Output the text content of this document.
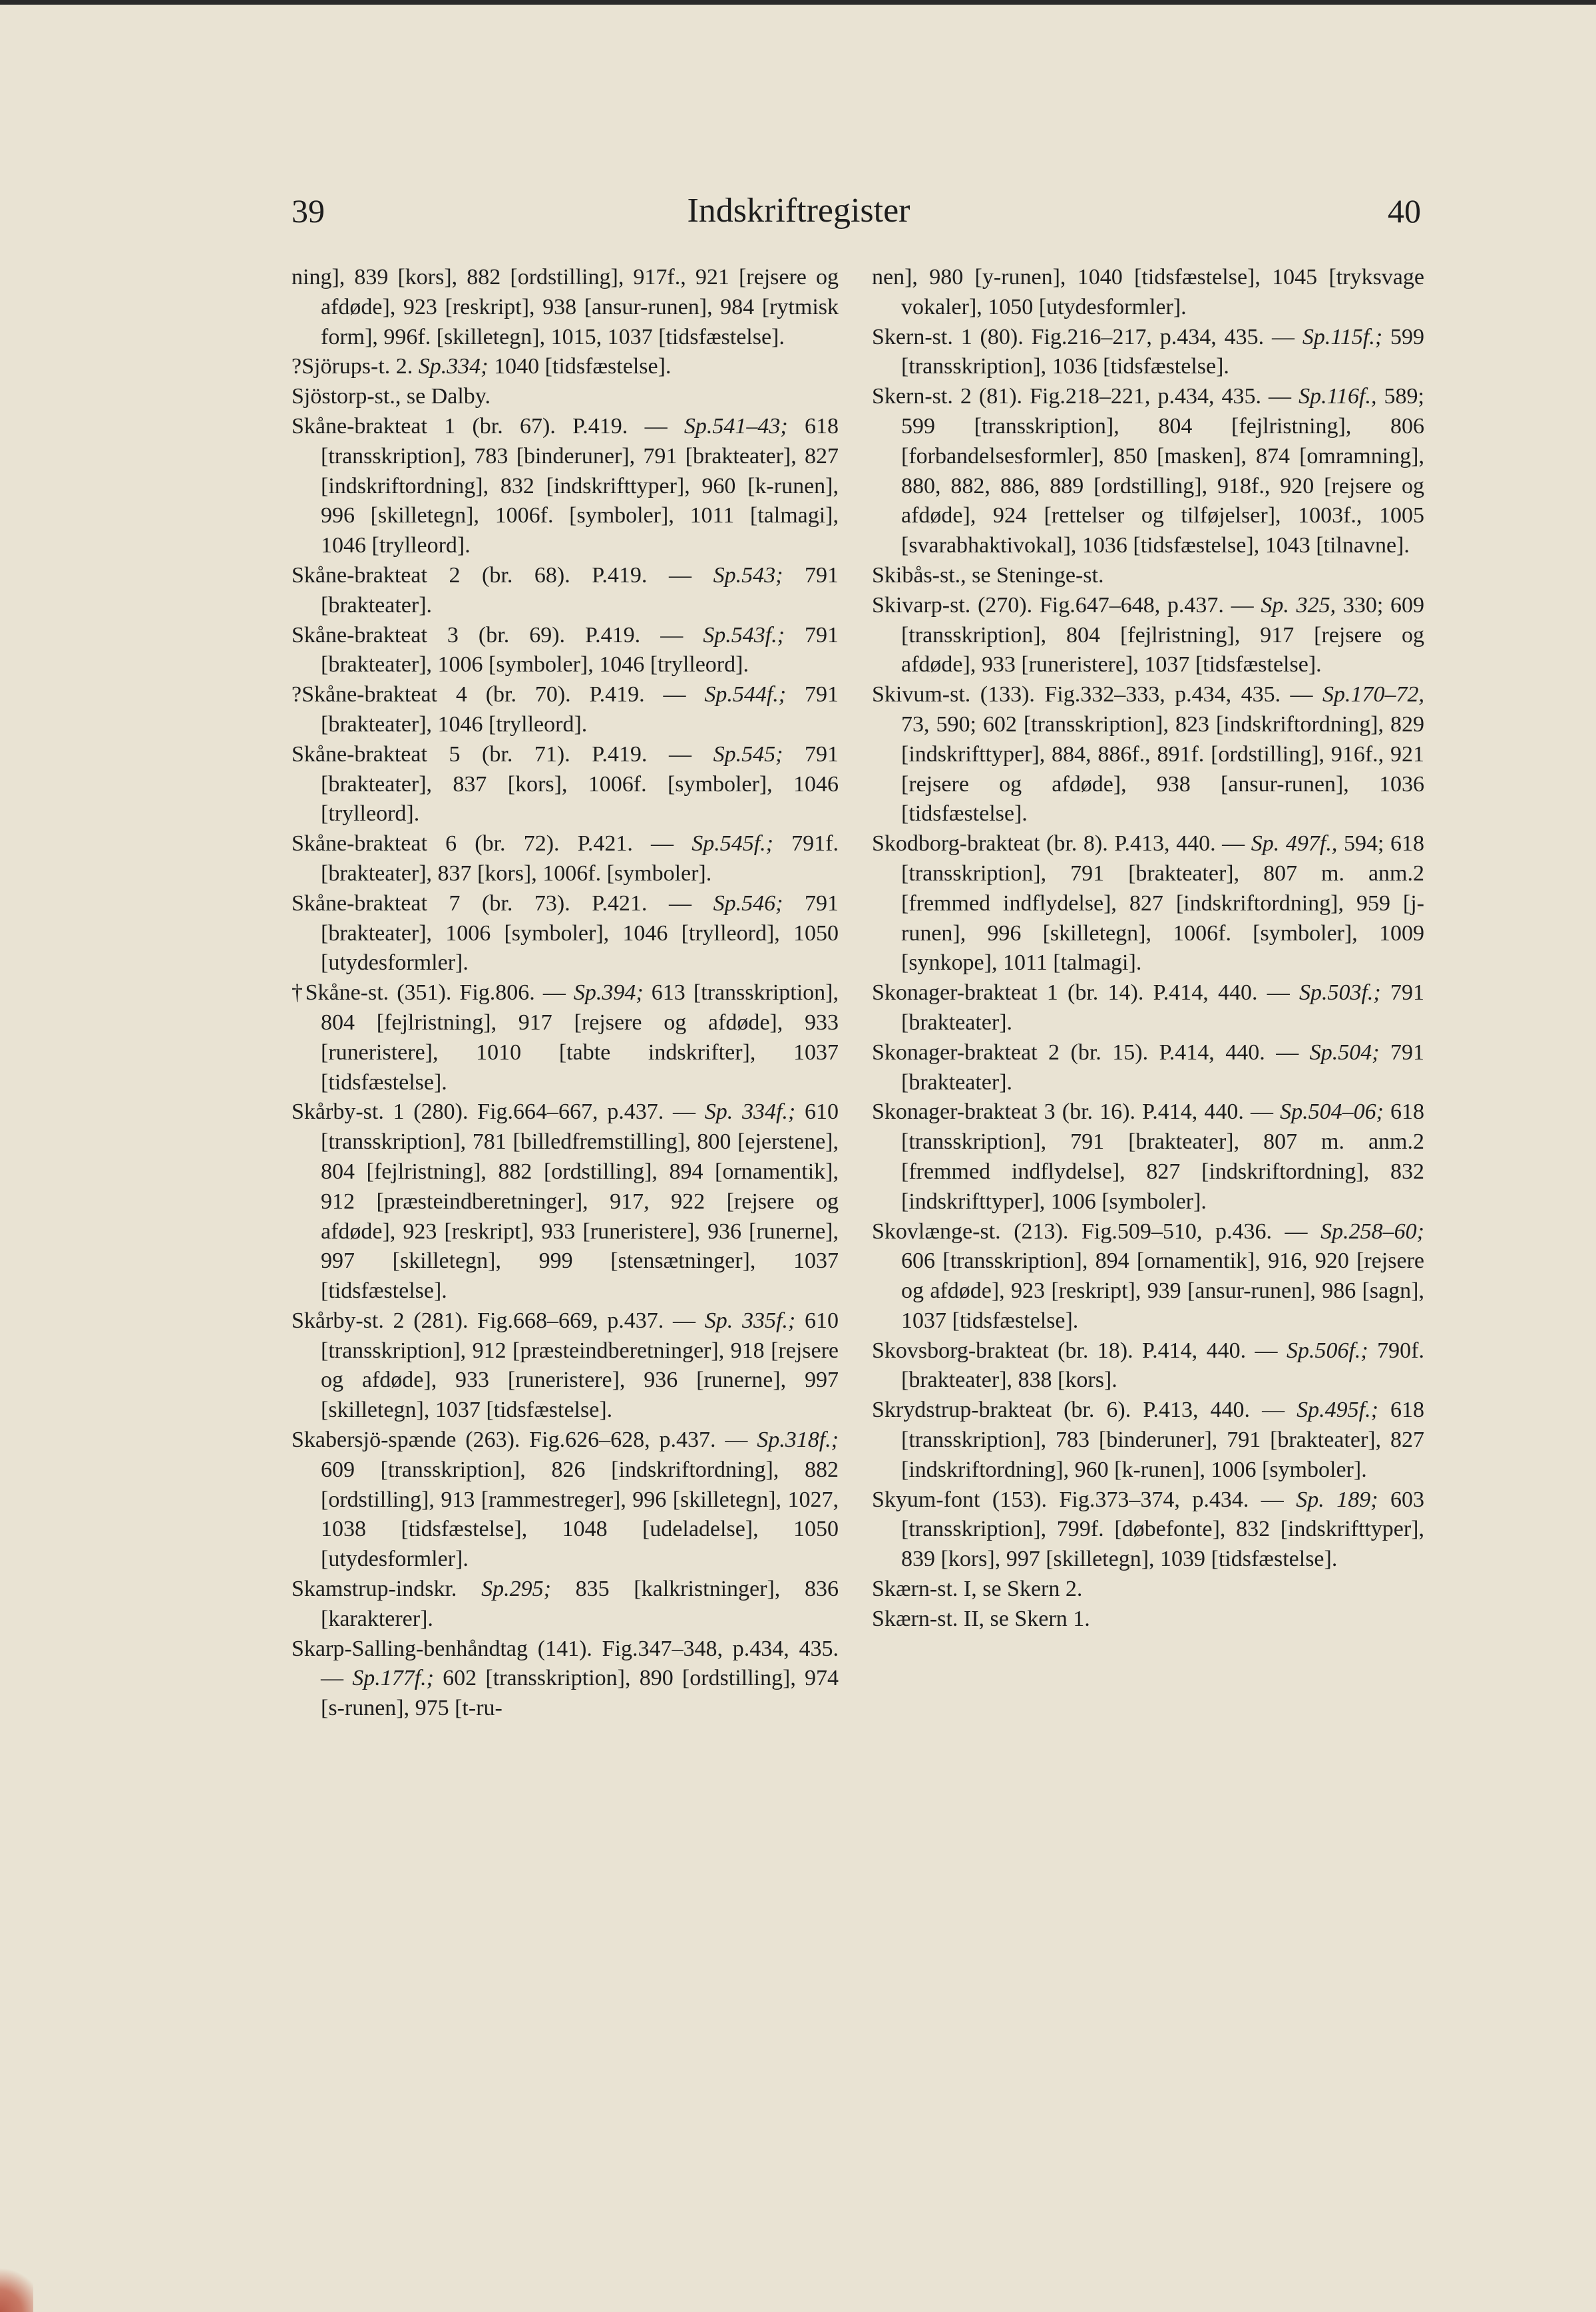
39	Indskriftregister	40

ning], 839 [kors], 882 [ordstilling], 917f., 921 [rejsere og afdøde], 923 [reskript], 938 [ansur-runen], 984 [rytmisk form], 996f. [skilletegn], 1015, 1037 [tidsfæstelse].

?Sjörups-t. 2. Sp.334; 1040 [tidsfæstelse].

Sjöstorp-st., se Dalby.

Skåne-brakteat 1 (br. 67). P.419. — Sp.541–43; 618 [transskription], 783 [binderuner], 791 [brakteater], 827 [indskriftordning], 832 [indskrifttyper], 960 [k-runen], 996 [skilletegn], 1006f. [symboler], 1011 [talmagi], 1046 [trylleord].

Skåne-brakteat 2 (br. 68). P.419. — Sp.543; 791 [brakteater].

Skåne-brakteat 3 (br. 69). P.419. — Sp.543f.; 791 [brakteater], 1006 [symboler], 1046 [trylleord].

?Skåne-brakteat 4 (br. 70). P.419. — Sp.544f.; 791 [brakteater], 1046 [trylleord].

Skåne-brakteat 5 (br. 71). P.419. — Sp.545; 791 [brakteater], 837 [kors], 1006f. [symboler], 1046 [trylleord].

Skåne-brakteat 6 (br. 72). P.421. — Sp.545f.; 791f. [brakteater], 837 [kors], 1006f. [symboler].

Skåne-brakteat 7 (br. 73). P.421. — Sp.546; 791 [brakteater], 1006 [symboler], 1046 [trylleord], 1050 [utydesformler].

†Skåne-st. (351). Fig.806. — Sp.394; 613 [transskription], 804 [fejlristning], 917 [rejsere og afdøde], 933 [runeristere], 1010 [tabte indskrifter], 1037 [tidsfæstelse].

Skårby-st. 1 (280). Fig.664–667, p.437. — Sp. 334f.; 610 [transskription], 781 [billedfremstilling], 800 [ejerstene], 804 [fejlristning], 882 [ordstilling], 894 [ornamentik], 912 [præsteindberetninger], 917, 922 [rejsere og afdøde], 923 [reskript], 933 [runeristere], 936 [runerne], 997 [skilletegn], 999 [stensætninger], 1037 [tidsfæstelse].

Skårby-st. 2 (281). Fig.668–669, p.437. — Sp. 335f.; 610 [transskription], 912 [præsteindberetninger], 918 [rejsere og afdøde], 933 [runeristere], 936 [runerne], 997 [skilletegn], 1037 [tidsfæstelse].

Skabersjö-spænde (263). Fig.626–628, p.437. — Sp.318f.; 609 [transskription], 826 [indskriftordning], 882 [ordstilling], 913 [rammestreger], 996 [skilletegn], 1027, 1038 [tidsfæstelse], 1048 [udeladelse], 1050 [utydesformler].

Skamstrup-indskr. Sp.295; 835 [kalkristninger], 836 [karakterer].

Skarp-Salling-benhåndtag (141). Fig.347–348, p.434, 435. — Sp.177f.; 602 [transskription], 890 [ordstilling], 974 [s-runen], 975 [t-ru-

nen], 980 [y-runen], 1040 [tidsfæstelse], 1045 [tryksvage vokaler], 1050 [utydesformler].

Skern-st. 1 (80). Fig.216–217, p.434, 435. — Sp.115f.; 599 [transskription], 1036 [tidsfæstelse].

Skern-st. 2 (81). Fig.218–221, p.434, 435. — Sp.116f., 589; 599 [transskription], 804 [fejlristning], 806 [forbandelsesformler], 850 [masken], 874 [omramning], 880, 882, 886, 889 [ordstilling], 918f., 920 [rejsere og afdøde], 924 [rettelser og tilføjelser], 1003f., 1005 [svarabhaktivokal], 1036 [tidsfæstelse], 1043 [tilnavne].

Skibås-st., se Steninge-st.

Skivarp-st. (270). Fig.647–648, p.437. — Sp. 325, 330; 609 [transskription], 804 [fejlristning], 917 [rejsere og afdøde], 933 [runeristere], 1037 [tidsfæstelse].

Skivum-st. (133). Fig.332–333, p.434, 435. — Sp.170–72, 73, 590; 602 [transskription], 823 [indskriftordning], 829 [indskrifttyper], 884, 886f., 891f. [ordstilling], 916f., 921 [rejsere og afdøde], 938 [ansur-runen], 1036 [tidsfæstelse].

Skodborg-brakteat (br. 8). P.413, 440. — Sp. 497f., 594; 618 [transskription], 791 [brakteater], 807 m. anm.2 [fremmed indflydelse], 827 [indskriftordning], 959 [j-runen], 996 [skilletegn], 1006f. [symboler], 1009 [synkope], 1011 [talmagi].

Skonager-brakteat 1 (br. 14). P.414, 440. — Sp.503f.; 791 [brakteater].

Skonager-brakteat 2 (br. 15). P.414, 440. — Sp.504; 791 [brakteater].

Skonager-brakteat 3 (br. 16). P.414, 440. — Sp.504–06; 618 [transskription], 791 [brakteater], 807 m. anm.2 [fremmed indflydelse], 827 [indskriftordning], 832 [indskrifttyper], 1006 [symboler].

Skovlænge-st. (213). Fig.509–510, p.436. — Sp.258–60; 606 [transskription], 894 [ornamentik], 916, 920 [rejsere og afdøde], 923 [reskript], 939 [ansur-runen], 986 [sagn], 1037 [tidsfæstelse].

Skovsborg-brakteat (br. 18). P.414, 440. — Sp.506f.; 790f. [brakteater], 838 [kors].

Skrydstrup-brakteat (br. 6). P.413, 440. — Sp.495f.; 618 [transskription], 783 [binderuner], 791 [brakteater], 827 [indskriftordning], 960 [k-runen], 1006 [symboler].

Skyum-font (153). Fig.373–374, p.434. — Sp. 189; 603 [transskription], 799f. [døbefonte], 832 [indskrifttyper], 839 [kors], 997 [skilletegn], 1039 [tidsfæstelse].

Skærn-st. I, se Skern 2.

Skærn-st. II, se Skern 1.
